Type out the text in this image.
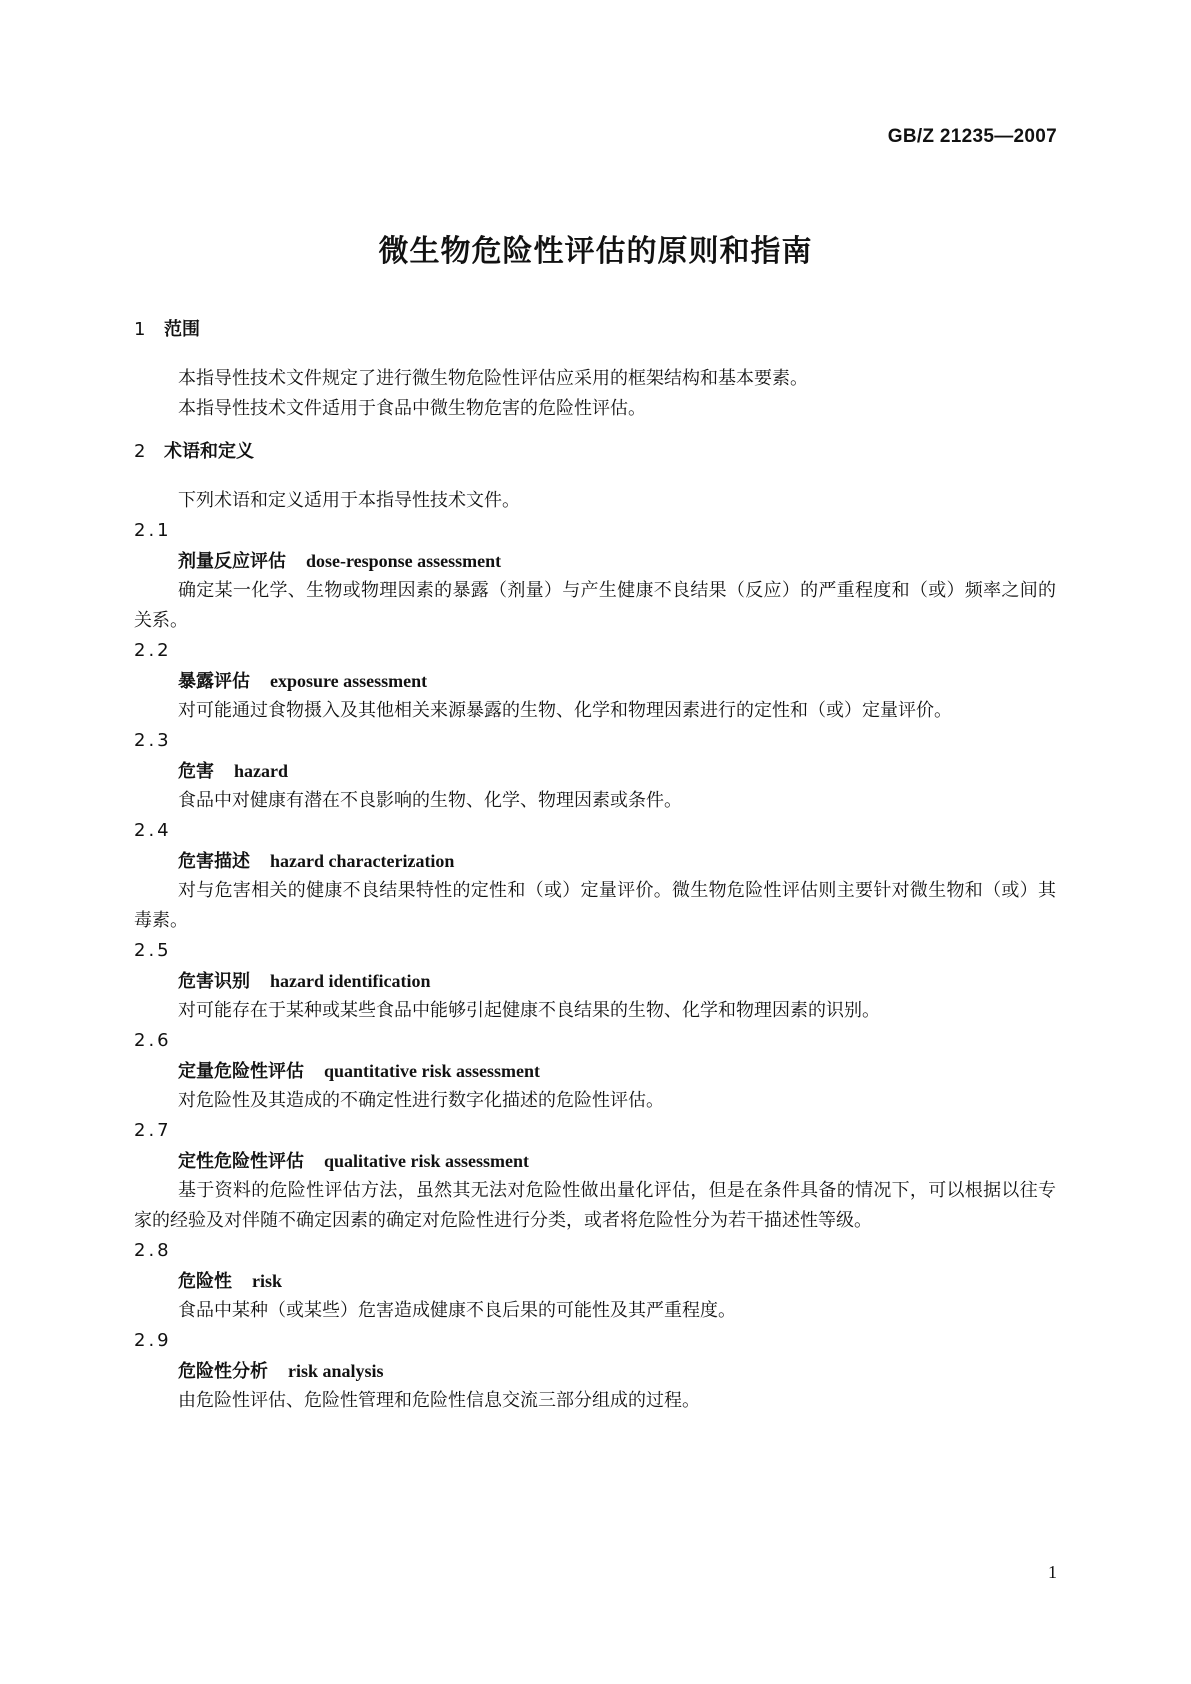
GB/Z 21235—2007
微生物危险性评估的原则和指南
1 范围

本指导性技术文件规定了进行微生物危险性评估应采用的框架结构和基本要素。

本指导性技术文件适用于食品中微生物危害的危险性评估。

2 术语和定义

下列术语和定义适用于本指导性技术文件。

2.1
剂量反应评估 dose-response assessment

确定某一化学、生物或物理因素的暴露（剂量）与产生健康不良结果（反应）的严重程度和（或）频率之间的关系。

2.2
暴露评估 exposure assessment

对可能通过食物摄入及其他相关来源暴露的生物、化学和物理因素进行的定性和（或）定量评价。

2.3
危害 hazard

食品中对健康有潜在不良影响的生物、化学、物理因素或条件。

2.4
危害描述 hazard characterization

对与危害相关的健康不良结果特性的定性和（或）定量评价。微生物危险性评估则主要针对微生物和（或）其毒素。

2.5
危害识别 hazard identification

对可能存在于某种或某些食品中能够引起健康不良结果的生物、化学和物理因素的识别。

2.6
定量危险性评估 quantitative risk assessment

对危险性及其造成的不确定性进行数字化描述的危险性评估。

2.7
定性危险性评估 qualitative risk assessment

基于资料的危险性评估方法，虽然其无法对危险性做出量化评估，但是在条件具备的情况下，可以根据以往专家的经验及对伴随不确定因素的确定对危险性进行分类，或者将危险性分为若干描述性等级。

2.8
危险性 risk

食品中某种（或某些）危害造成健康不良后果的可能性及其严重程度。

2.9
危险性分析 risk analysis

由危险性评估、危险性管理和危险性信息交流三部分组成的过程。

1
